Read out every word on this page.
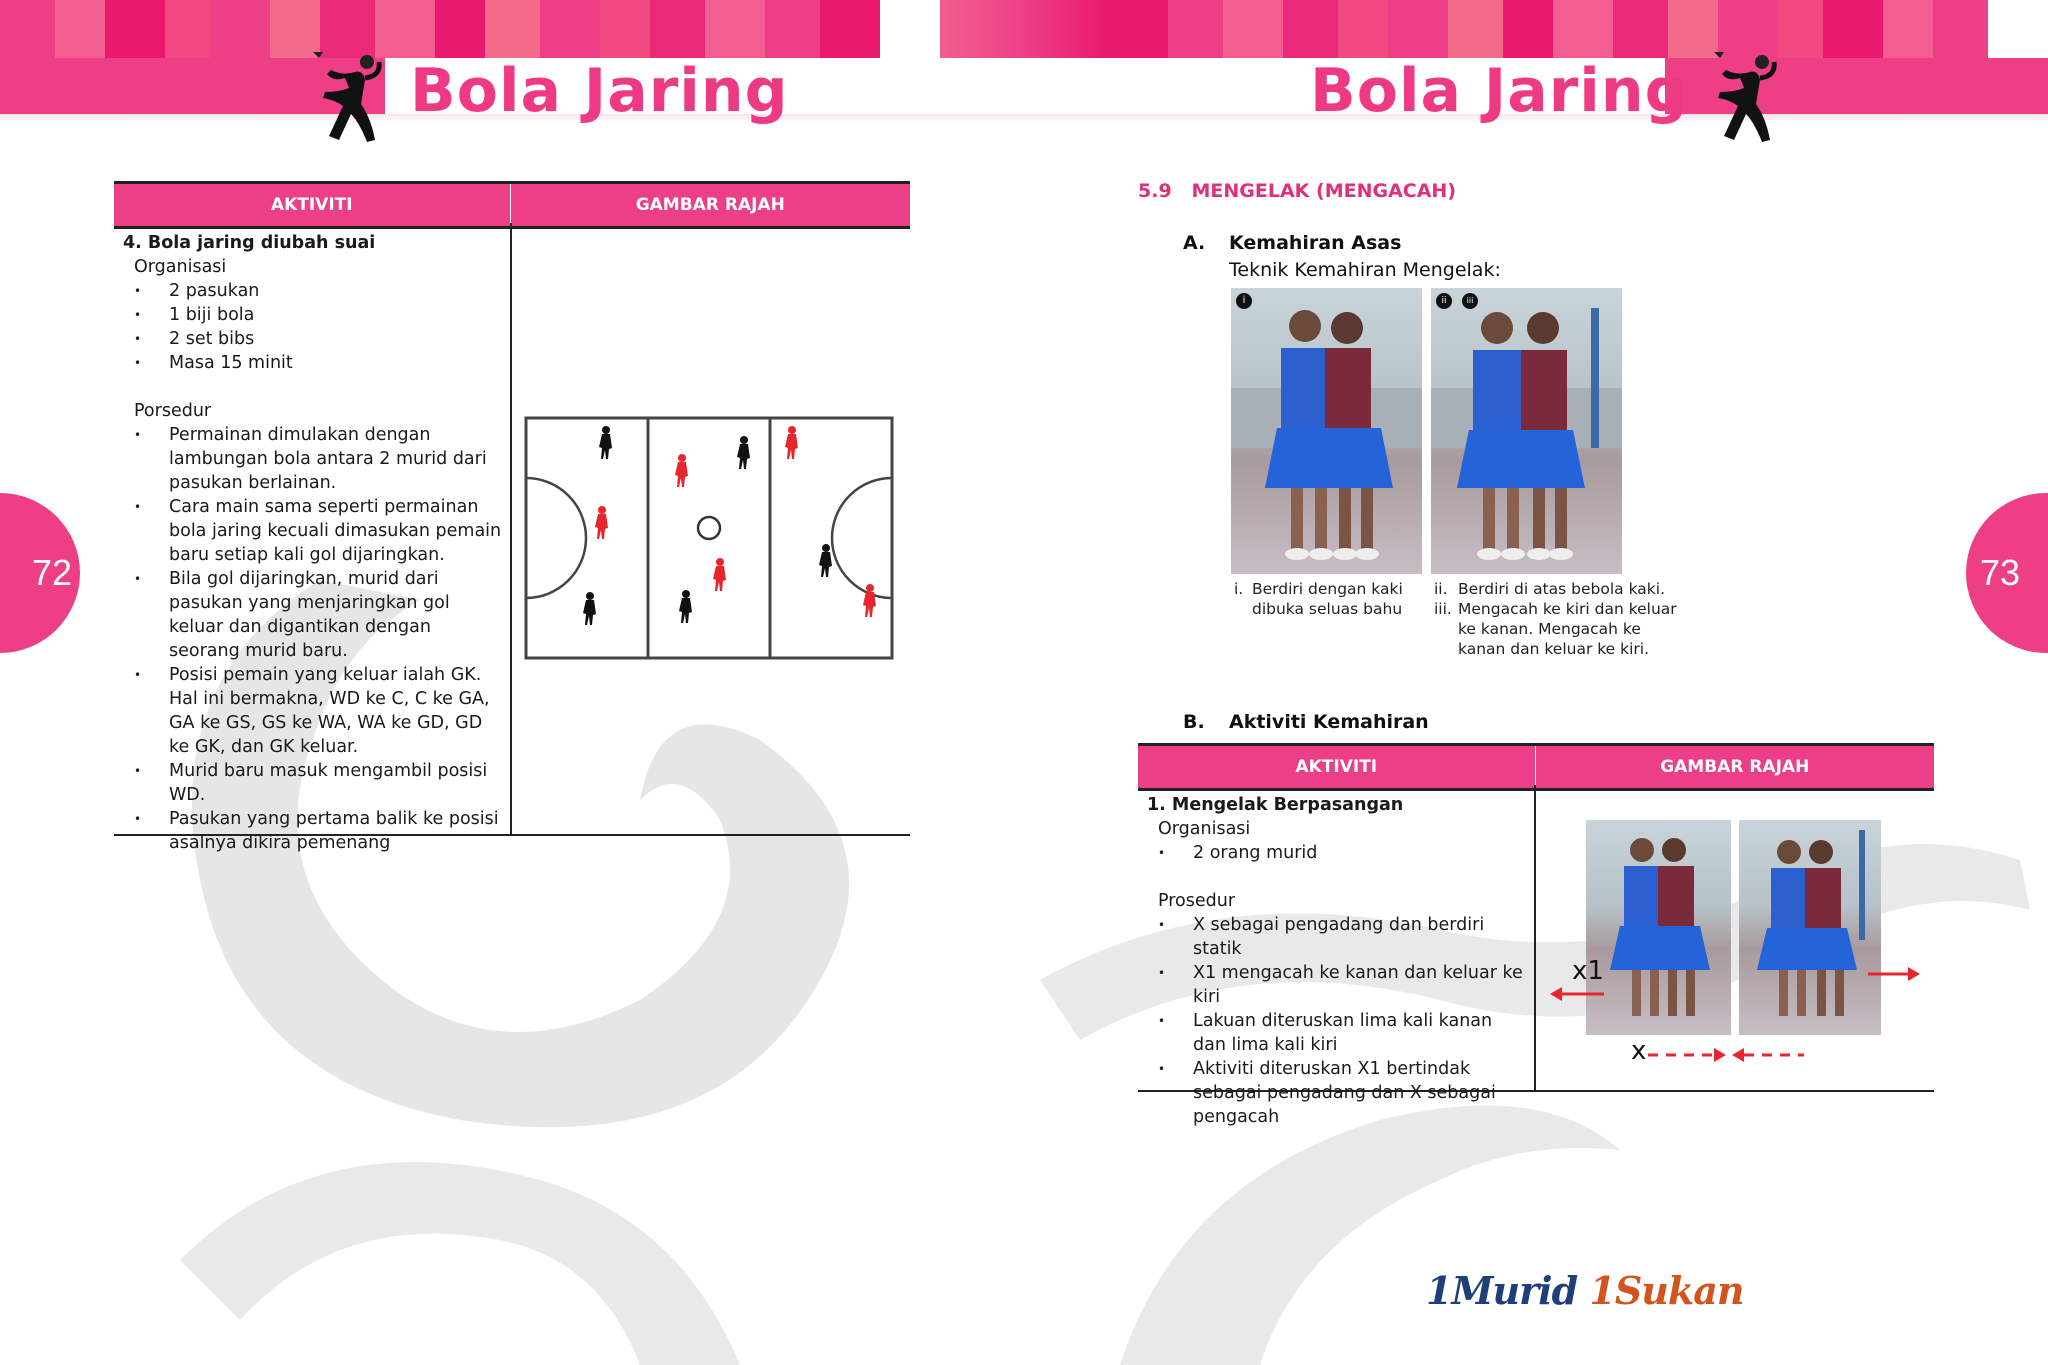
Bola Jaring	Bola Jaring
72	73
AKTIVITI	GAMBAR RAJAH
4. Bola jaring diubah suai
Organisasi
• 2 pasukan
• 1 biji bola
• 2 set bibs
• Masa 15 minit
Porsedur
• Permainan dimulakan dengan lambungan bola antara 2 murid dari pasukan berlainan.
• Cara main sama seperti permainan bola jaring kecuali dimasukan pemain baru setiap kali gol dijaringkan.
• Bila gol dijaringkan, murid dari pasukan yang menjaringkan gol keluar dan digantikan dengan seorang murid baru.
• Posisi pemain yang keluar ialah GK. Hal ini bermakna, WD ke C, C ke GA, GA ke GS, GS ke WA, WA ke GD, GD ke GK, dan GK keluar.
• Murid baru masuk mengambil posisi WD.
• Pasukan yang pertama balik ke posisi asalnya dikira pemenang
5.9   MENGELAK (MENGACAH)
A. Kemahiran Asas
Teknik Kemahiran Mengelak:
i	ii	iii
i. Berdiri dengan kaki dibuka seluas bahu
ii. Berdiri di atas bebola kaki.
iii. Mengacah ke kiri dan keluar ke kanan. Mengacah ke kanan dan keluar ke kiri.
B. Aktiviti Kemahiran
AKTIVITI	GAMBAR RAJAH
1. Mengelak Berpasangan
Organisasi
• 2 orang murid
Prosedur
• X sebagai pengadang dan berdiri statik
• X1 mengacah ke kanan dan keluar ke kiri
• Lakuan diteruskan lima kali kanan dan lima kali kiri
• Aktiviti diteruskan X1 bertindak sebagai pengadang dan X sebagai pengacah
x1
x
1Murid 1Sukan
